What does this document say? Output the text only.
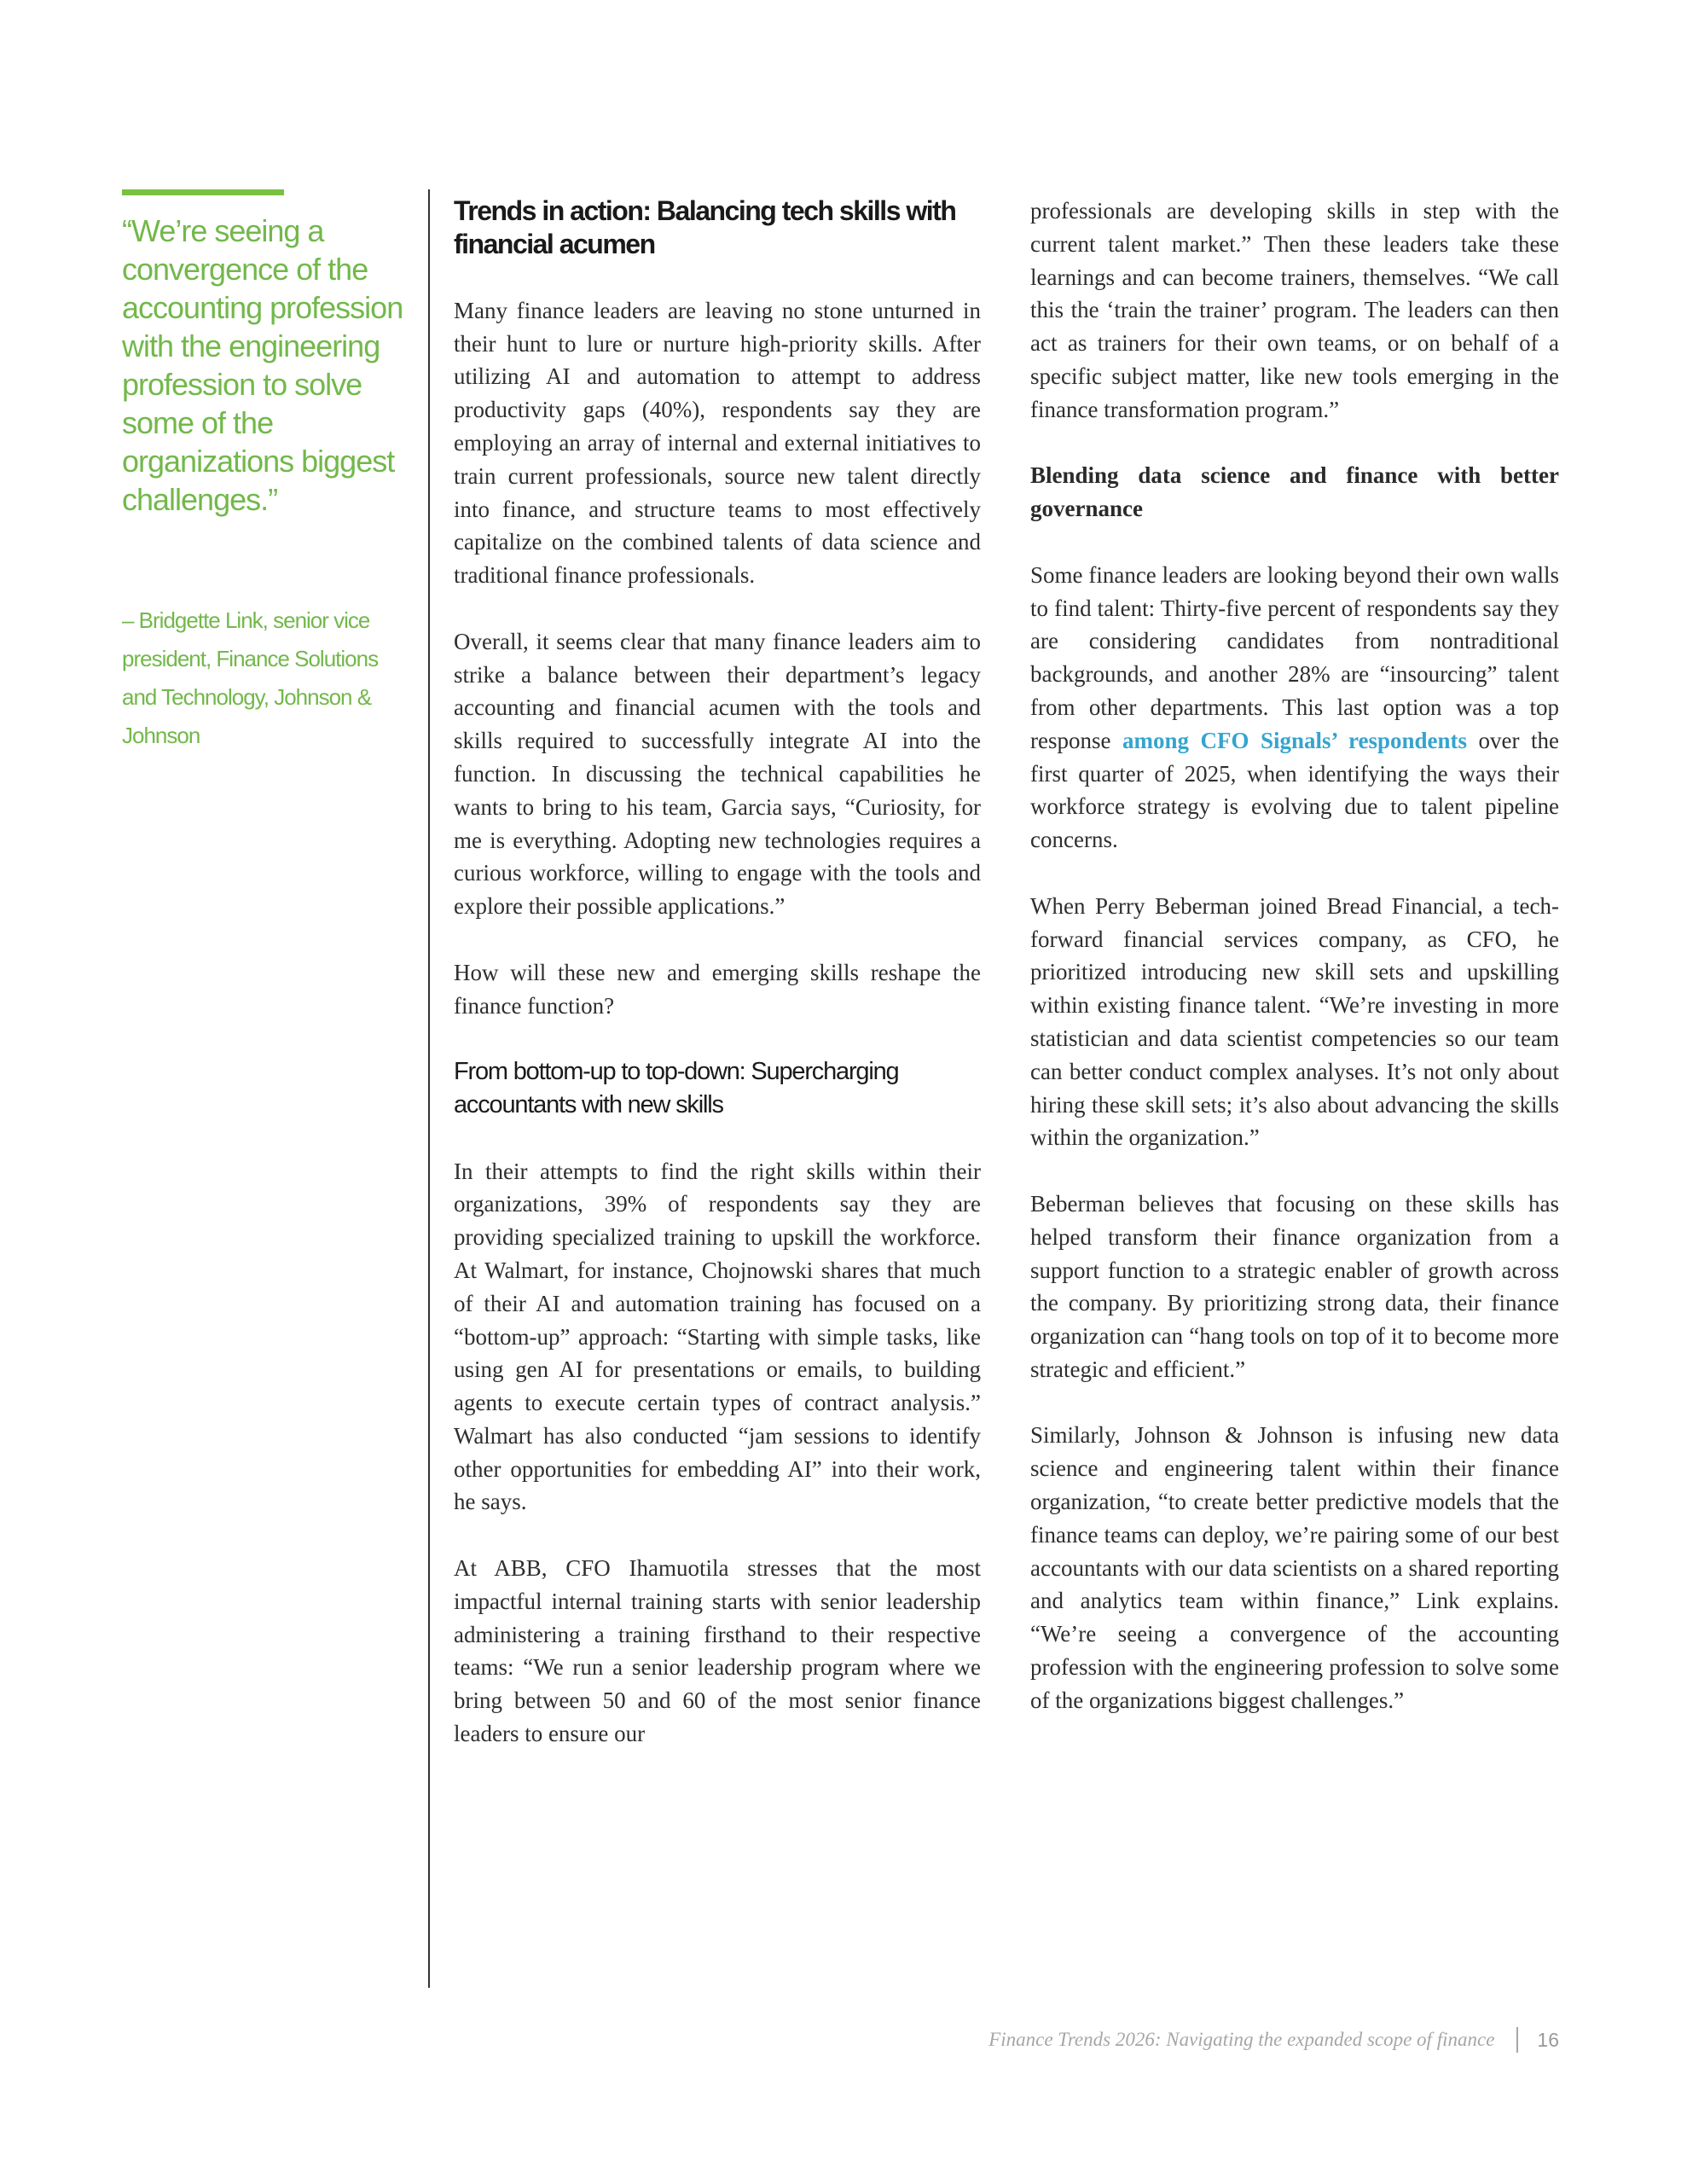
“We’re seeing a convergence of the accounting profession with the engineering profession to solve some of the organizations biggest challenges.”

– Bridgette Link, senior vice president, Finance Solutions and Technology, Johnson & Johnson

Trends in action: Balancing tech skills with financial acumen

Many finance leaders are leaving no stone unturned in their hunt to lure or nurture high-priority skills. After utilizing AI and automation to attempt to address productivity gaps (40%), respondents say they are employing an array of internal and external initiatives to train current professionals, source new talent directly into finance, and structure teams to most effectively capitalize on the combined talents of data science and traditional finance professionals.

Overall, it seems clear that many finance leaders aim to strike a balance between their department’s legacy accounting and financial acumen with the tools and skills required to successfully integrate AI into the function. In discussing the technical capabilities he wants to bring to his team, Garcia says, “Curiosity, for me is everything. Adopting new technologies requires a curious workforce, willing to engage with the tools and explore their possible applications.”

How will these new and emerging skills reshape the finance function?

From bottom-up to top-down: Supercharging accountants with new skills

In their attempts to find the right skills within their organizations, 39% of respondents say they are providing specialized training to upskill the workforce. At Walmart, for instance, Chojnowski shares that much of their AI and automation training has focused on a “bottom-up” approach: “Starting with simple tasks, like using gen AI for presentations or emails, to building agents to execute certain types of contract analysis.” Walmart has also conducted “jam sessions to identify other opportunities for embedding AI” into their work, he says.

At ABB, CFO Ihamuotila stresses that the most impactful internal training starts with senior leadership administering a training firsthand to their respective teams: “We run a senior leadership program where we bring between 50 and 60 of the most senior finance leaders to ensure our

professionals are developing skills in step with the current talent market.” Then these leaders take these learnings and can become trainers, themselves. “We call this the ‘train the trainer’ program. The leaders can then act as trainers for their own teams, or on behalf of a specific subject matter, like new tools emerging in the finance transformation program.”

Blending data science and finance with better governance

Some finance leaders are looking beyond their own walls to find talent: Thirty-five percent of respondents say they are considering candidates from nontraditional backgrounds, and another 28% are “insourcing” talent from other departments. This last option was a top response among CFO Signals’ respondents over the first quarter of 2025, when identifying the ways their workforce strategy is evolving due to talent pipeline concerns.

When Perry Beberman joined Bread Financial, a tech-forward financial services company, as CFO, he prioritized introducing new skill sets and upskilling within existing finance talent. “We’re investing in more statistician and data scientist competencies so our team can better conduct complex analyses. It’s not only about hiring these skill sets; it’s also about advancing the skills within the organization.”

Beberman believes that focusing on these skills has helped transform their finance organization from a support function to a strategic enabler of growth across the company. By prioritizing strong data, their finance organization can “hang tools on top of it to become more strategic and efficient.”

Similarly, Johnson & Johnson is infusing new data science and engineering talent within their finance organization, “to create better predictive models that the finance teams can deploy, we’re pairing some of our best accountants with our data scientists on a shared reporting and analytics team within finance,” Link explains. “We’re seeing a convergence of the accounting profession with the engineering profession to solve some of the organizations biggest challenges.”

Finance Trends 2026: Navigating the expanded scope of finance 16
